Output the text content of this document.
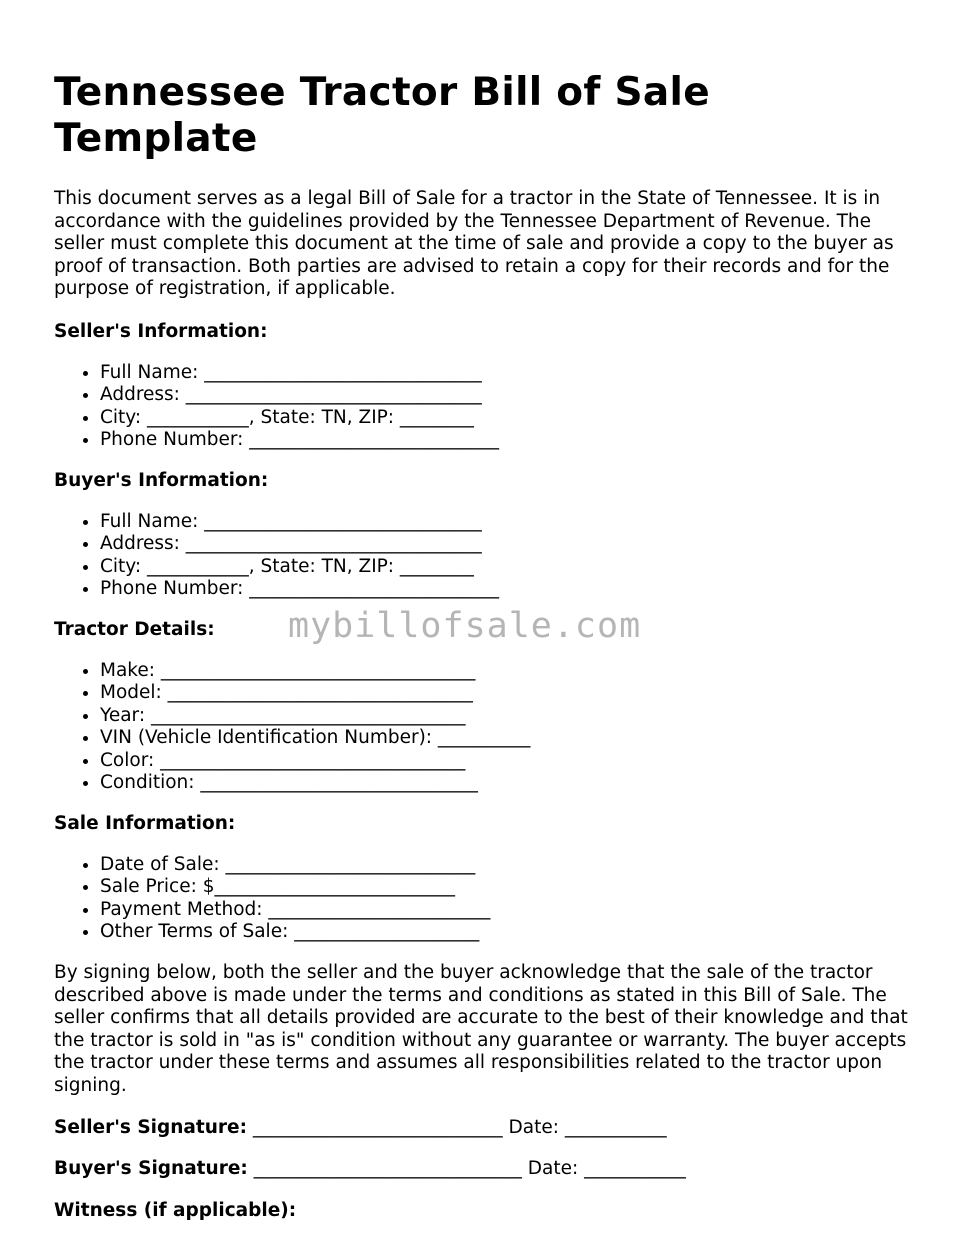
Tennessee Tractor Bill of Sale Template

This document serves as a legal Bill of Sale for a tractor in the State of Tennessee. It is in accordance with the guidelines provided by the Tennessee Department of Revenue. The seller must complete this document at the time of sale and provide a copy to the buyer as proof of transaction. Both parties are advised to retain a copy for their records and for the purpose of registration, if applicable.

Seller's Information:
• Full Name: ______________________________
• Address: ________________________________
• City: ___________, State: TN, ZIP: ________
• Phone Number: ___________________________
Buyer's Information:
• Full Name: ______________________________
• Address: ________________________________
• City: ___________, State: TN, ZIP: ________
• Phone Number: ___________________________
Tractor Details:
• Make: __________________________________
• Model: _________________________________
• Year: __________________________________
• VIN (Vehicle Identification Number): __________
• Color: _________________________________
• Condition: ______________________________
Sale Information:
• Date of Sale: ___________________________
• Sale Price: $__________________________
• Payment Method: ________________________
• Other Terms of Sale: ____________________

By signing below, both the seller and the buyer acknowledge that the sale of the tractor described above is made under the terms and conditions as stated in this Bill of Sale. The seller confirms that all details provided are accurate to the best of their knowledge and that the tractor is sold in "as is" condition without any guarantee or warranty. The buyer accepts the tractor under these terms and assumes all responsibilities related to the tractor upon signing.

Seller's Signature: ___________________________ Date: ___________
Buyer's Signature: _____________________________ Date: ___________
Witness (if applicable):
mybillofsale.com
